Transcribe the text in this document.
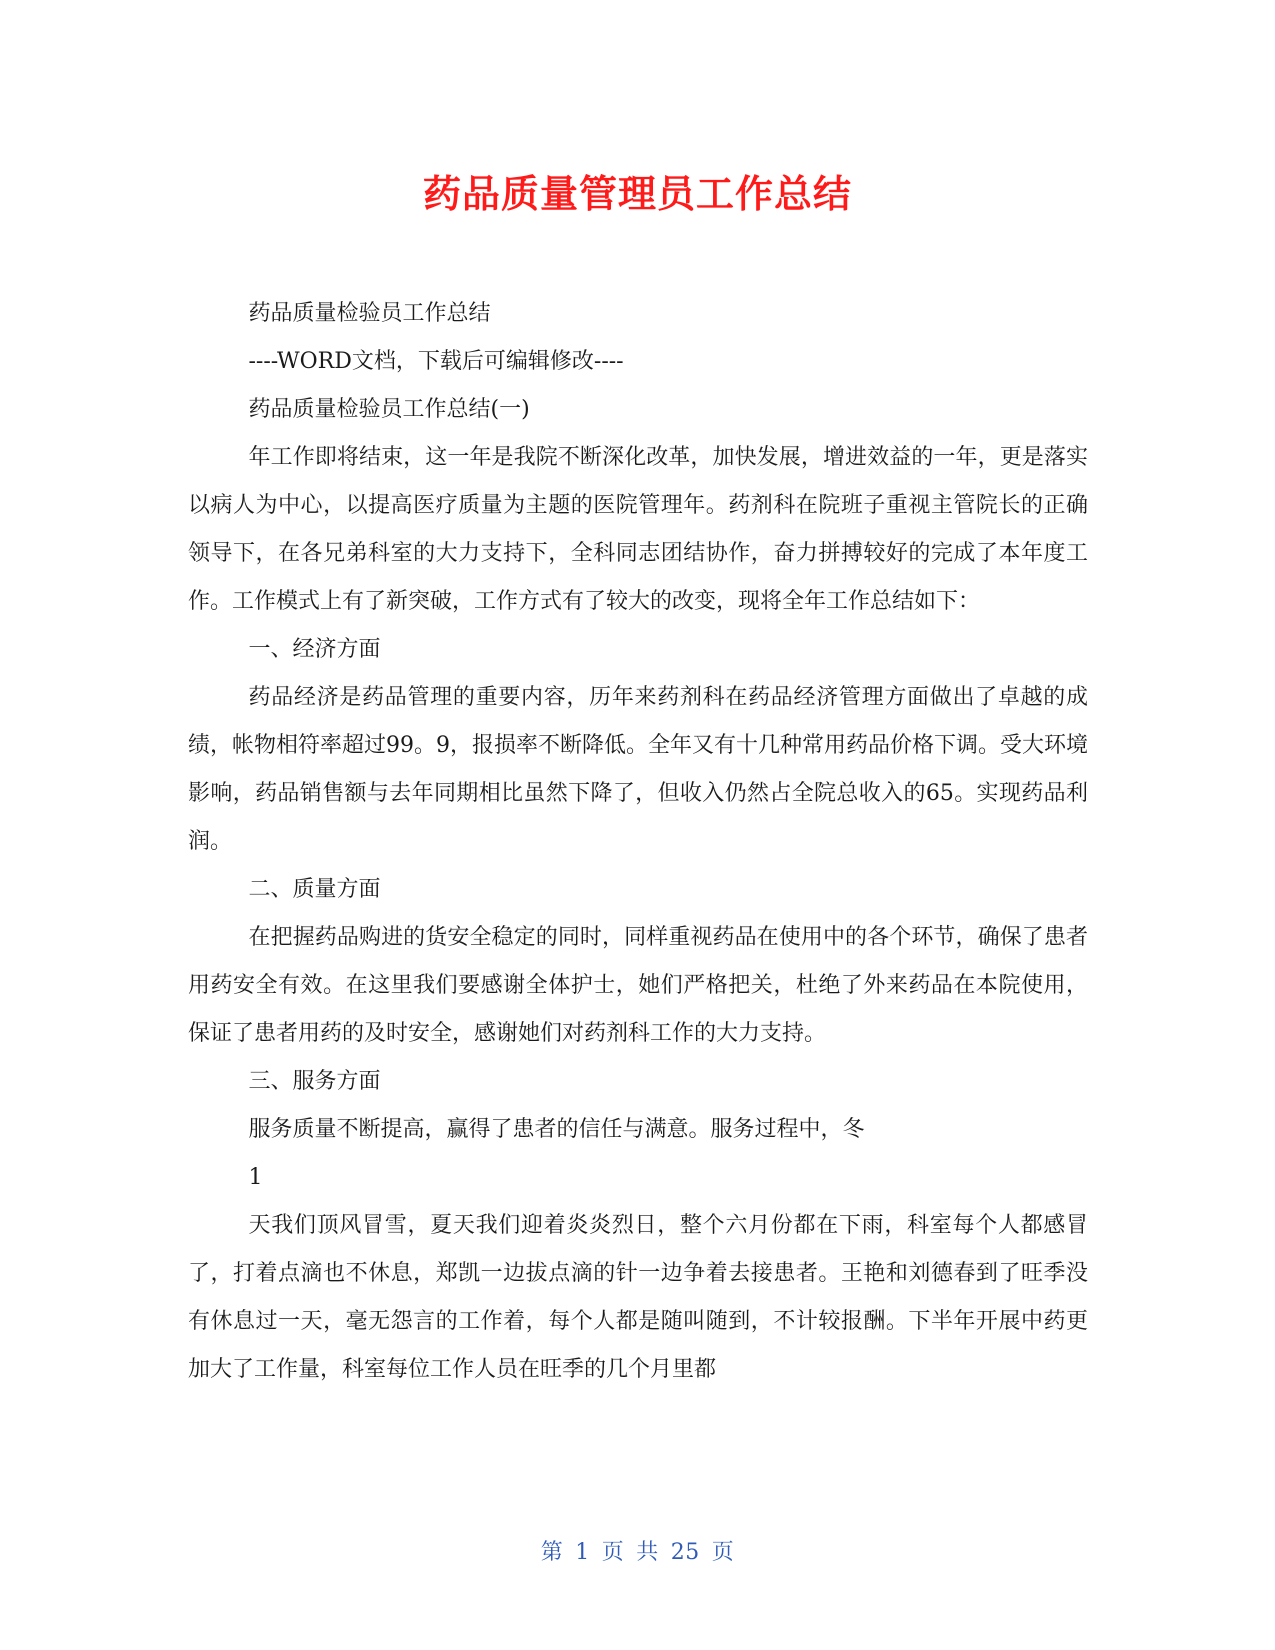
药品质量管理员工作总结

药品质量检验员工作总结

----WORD文档，下载后可编辑修改----

药品质量检验员工作总结(一)

年工作即将结束，这一年是我院不断深化改革，加快发展，增进效益的一年，更是落实以病人为中心，以提高医疗质量为主题的医院管理年。药剂科在院班子重视主管院长的正确领导下，在各兄弟科室的大力支持下，全科同志团结协作，奋力拼搏较好的完成了本年度工作。工作模式上有了新突破，工作方式有了较大的改变，现将全年工作总结如下：

一、经济方面

药品经济是药品管理的重要内容，历年来药剂科在药品经济管理方面做出了卓越的成绩，帐物相符率超过99。9，报损率不断降低。全年又有十几种常用药品价格下调。受大环境影响，药品销售额与去年同期相比虽然下降了，但收入仍然占全院总收入的65。实现药品利润。

二、质量方面

在把握药品购进的货安全稳定的同时，同样重视药品在使用中的各个环节，确保了患者用药安全有效。在这里我们要感谢全体护士，她们严格把关，杜绝了外来药品在本院使用，保证了患者用药的及时安全，感谢她们对药剂科工作的大力支持。

三、服务方面

服务质量不断提高，赢得了患者的信任与满意。服务过程中，冬

1

天我们顶风冒雪，夏天我们迎着炎炎烈日，整个六月份都在下雨，科室每个人都感冒了，打着点滴也不休息，郑凯一边拔点滴的针一边争着去接患者。王艳和刘德春到了旺季没有休息过一天，毫无怨言的工作着，每个人都是随叫随到，不计较报酬。下半年开展中药更加大了工作量，科室每位工作人员在旺季的几个月里都

第 1 页 共 25 页
